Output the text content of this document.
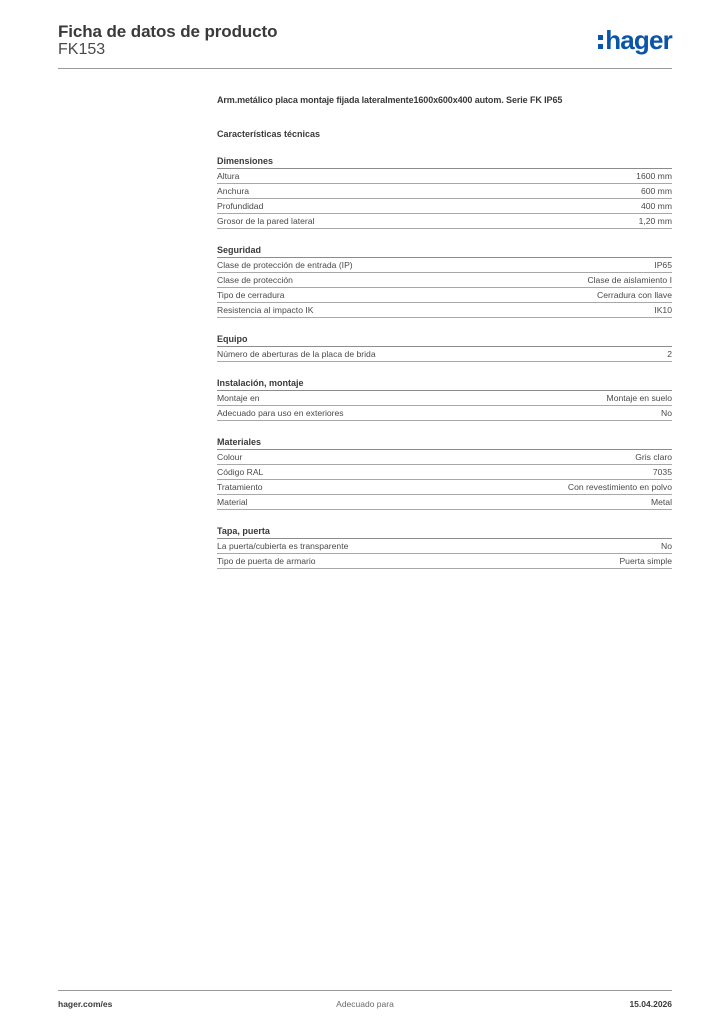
Ficha de datos de producto
FK153	hager
Arm.metálico placa montaje fijada lateralmente1600x600x400 autom. Serie FK IP65
Características técnicas
Dimensiones
Altura	1600 mm
Anchura	600 mm
Profundidad	400 mm
Grosor de la pared lateral	1,20 mm
Seguridad
Clase de protección de entrada (IP)	IP65
Clase de protección	Clase de aislamiento I
Tipo de cerradura	Cerradura con llave
Resistencia al impacto IK	IK10
Equipo
Número de aberturas de la placa de brida	2
Instalación, montaje
Montaje en	Montaje en suelo
Adecuado para uso en exteriores	No
Materiales
Colour	Gris claro
Código RAL	7035
Tratamiento	Con revestimiento en polvo
Material	Metal
Tapa, puerta
La puerta/cubierta es transparente	No
Tipo de puerta de armario	Puerta simple
hager.com/es	Adecuado para	15.04.2026
